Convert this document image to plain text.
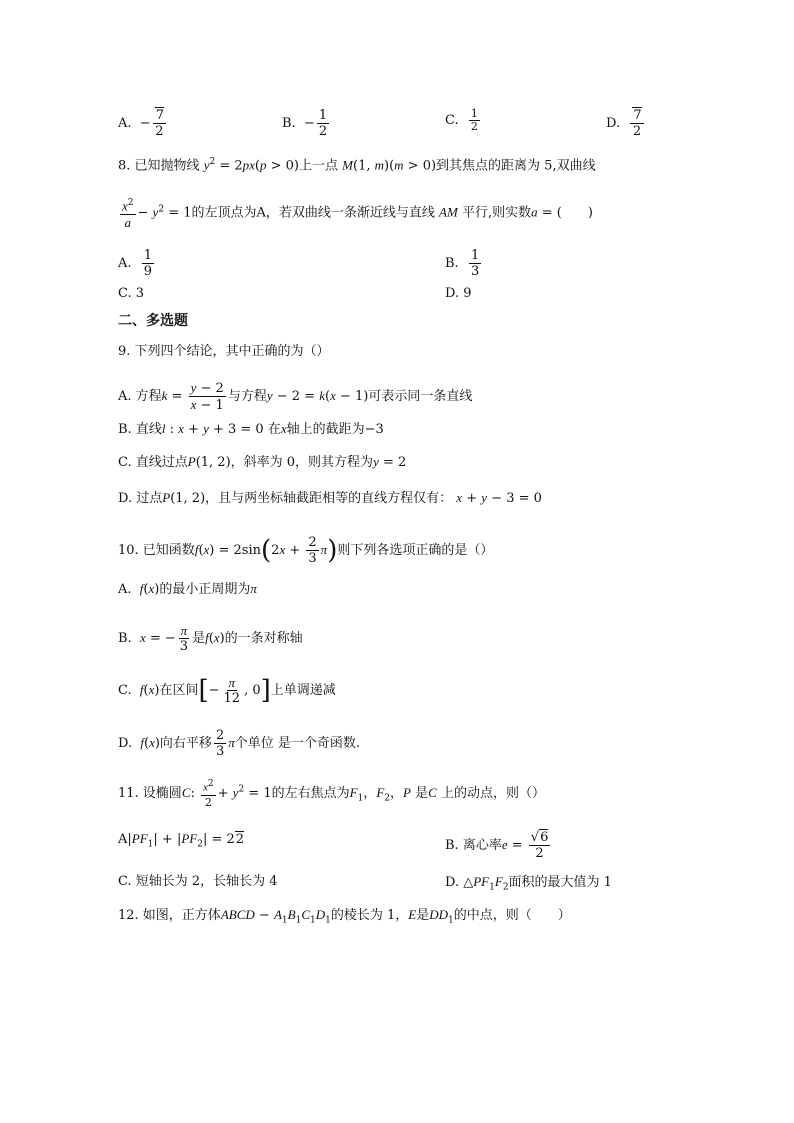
A.  − $\frac{7}{2}$	B.  − $\frac{1}{2}$	C. $\frac{1}{2}$	D. $\frac{7}{2}$
8. 已知抛物线 $y^2 = 2px(p > 0)$上一点 M(1, m)(m > 0)到其焦点的距离为 5,双曲线
$\frac{x^2}{a} - y^2 = 1$的左顶点为A，若双曲线一条渐近线与直线 AM 平行,则实数a = (　　)
A. $\frac{1}{9}$	B. $\frac{1}{3}$
C. 3	D. 9
二、多选题
9. 下列四个结论，其中正确的为（）
A. 方程$k = \frac{y - 2}{x - 1}$ 与方程y − 2 = k(x − 1)可表示同一条直线
B. 直线l : x + y + 3 = 0 在x轴上的截距为−3
C. 直线过点P(1, 2)，斜率为 0，则其方程为y = 2
D. 过点P(1, 2)，且与两坐标轴截距相等的直线方程仅有： x + y − 3 = 0
10. 已知函数$f(x) = 2\sin(2x + \frac{2}{3} \pi)$则下列各选项正确的是（）
A. f(x)的最小正周期为π
B. x = − $\frac{\pi}{3}$ 是f(x)的一条对称轴
C. f(x)在区间[− $\frac{\pi}{12}$ , 0]上单调递减
D. f(x)向右平移 $\frac{2}{3}$ π个单位 是一个奇函数.
11. 设椭圆C: $\frac{x^2}{2} + y^2 = 1$的左右焦点为$F_1$，$F_2$，P 是C 上的动点，则（）
$A|PF_1| + |PF_2| = 22$	B. 离心率$e = \frac{√6}{2}$
C. 短轴长为 2，长轴长为 4	D. $\triangle PF_1F_2$面积的最大值为 1
12. 如图，正方体ABCD − $A_1B_1C_1D_1$的棱长为 1，E是$DD_1$的中点，则（　　）
